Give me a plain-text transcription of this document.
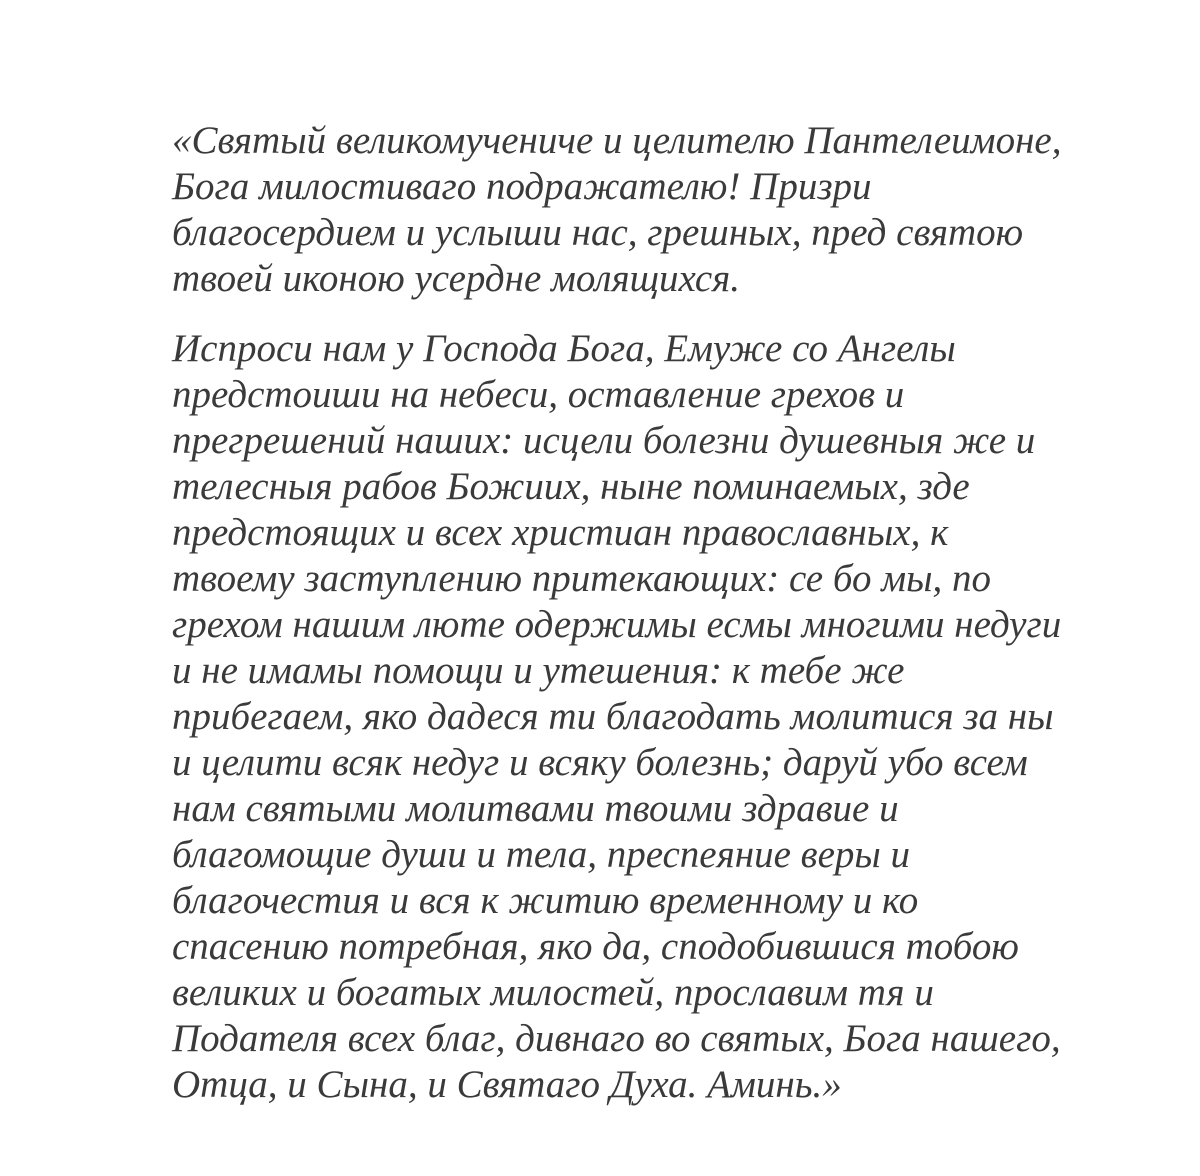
«Святый великомучениче и целителю Пантелеимоне,
Бога милостиваго подражателю! Призри
благосердием и услыши нас, грешных, пред святою
твоей иконою усердне молящихся.
Испроси нам у Господа Бога, Емуже со Ангелы
предстоиши на небеси, оставление грехов и
прегрешений наших: исцели болезни душевныя же и
телесныя рабов Божиих, ныне поминаемых, зде
предстоящих и всех христиан православных, к
твоему заступлению притекающих: се бо мы, по
грехом нашим люте одержимы есмы многими недуги
и не имамы помощи и утешения: к тебе же
прибегаем, яко дадеся ти благодать молитися за ны
и целити всяк недуг и всяку болезнь; даруй убо всем
нам святыми молитвами твоими здравие и
благомощие души и тела, преспеяние веры и
благочестия и вся к житию временному и ко
спасению потребная, яко да, сподобившися тобою
великих и богатых милостей, прославим тя и
Подателя всех благ, дивнаго во святых, Бога нашего,
Отца, и Сына, и Святаго Духа. Аминь.»
